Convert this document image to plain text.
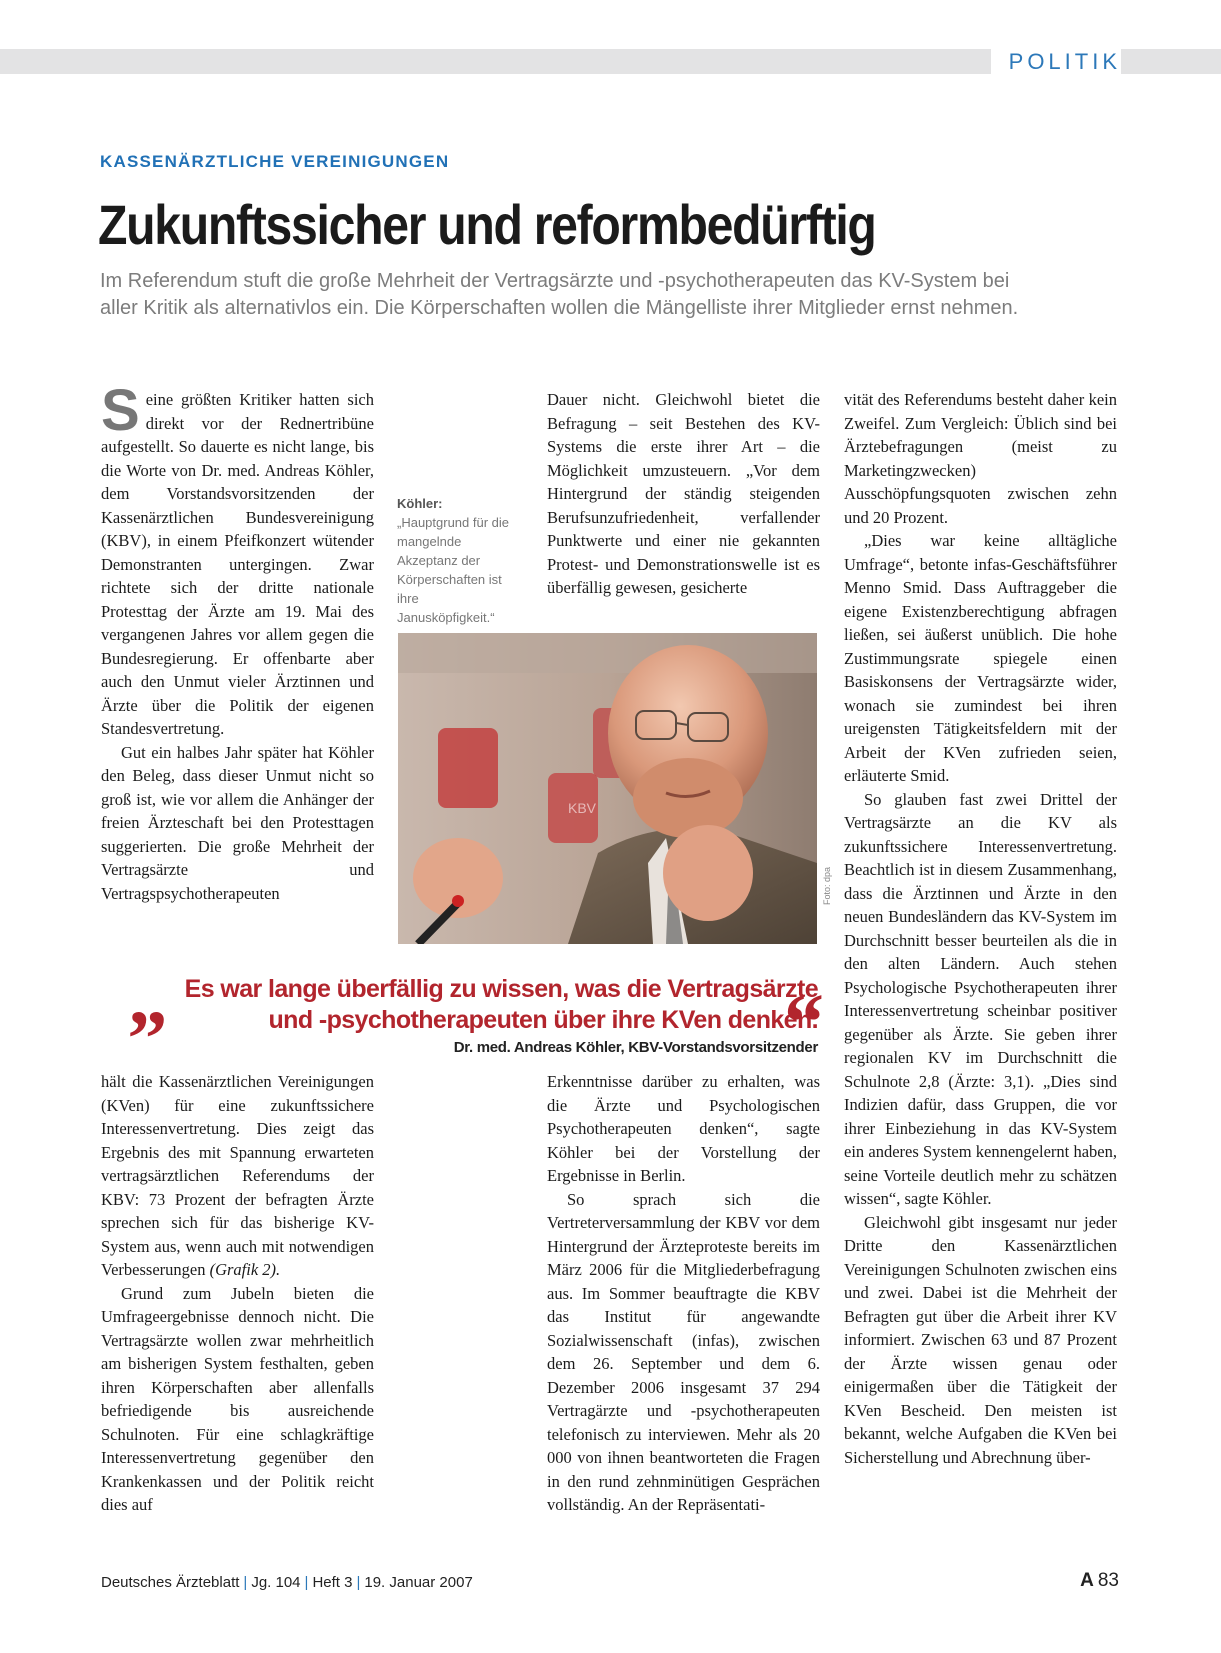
POLITIK
KASSENÄRZTLICHE VEREINIGUNGEN
Zukunftssicher und reformbedürftig
Im Referendum stuft die große Mehrheit der Vertragsärzte und -psychotherapeuten das KV-System bei aller Kritik als alternativlos ein. Die Körperschaften wollen die Mängelliste ihrer Mitglieder ernst nehmen.

Seine größten Kritiker hatten sich direkt vor der Rednertribüne aufgestellt. So dauerte es nicht lange, bis die Worte von Dr. med. Andreas Köhler, dem Vorstandsvorsitzenden der Kassenärztlichen Bundesvereinigung (KBV), in einem Pfeifkonzert wütender Demonstranten untergingen. Zwar richtete sich der dritte nationale Protesttag der Ärzte am 19. Mai des vergangenen Jahres vor allem gegen die Bundesregierung. Er offenbarte aber auch den Unmut vieler Ärztinnen und Ärzte über die Politik der eigenen Standesvertretung.

Gut ein halbes Jahr später hat Köhler den Beleg, dass dieser Unmut nicht so groß ist, wie vor allem die Anhänger der freien Ärzteschaft bei den Protesttagen suggerierten. Die große Mehrheit der Vertragsärzte und Vertragspsychotherapeuten

Köhler: „Hauptgrund für die mangelnde Akzeptanz der Körperschaften ist ihre Janusköpfigkeit.“

Dauer nicht. Gleichwohl bietet die Befragung – seit Bestehen des KV-Systems die erste ihrer Art – die Möglichkeit umzusteuern. „Vor dem Hintergrund der ständig steigenden Berufsunzufriedenheit, verfallender Punktwerte und einer nie gekannten Protest- und Demonstrationswelle ist es überfällig gewesen, gesicherte

KBV
Foto: dpa
„ Es war lange überfällig zu wissen, was die Vertragsärzte und -psychotherapeuten über ihre KVen denken.
“
Dr. med. Andreas Köhler, KBV-Vorstandsvorsitzender

hält die Kassenärztlichen Vereinigungen (KVen) für eine zukunftssichere Interessenvertretung. Dies zeigt das Ergebnis des mit Spannung erwarteten vertragsärztlichen Referendums der KBV: 73 Prozent der befragten Ärzte sprechen sich für das bisherige KV-System aus, wenn auch mit notwendigen Verbesserungen (Grafik 2).

Grund zum Jubeln bieten die Umfrageergebnisse dennoch nicht. Die Vertragsärzte wollen zwar mehrheitlich am bisherigen System festhalten, geben ihren Körperschaften aber allenfalls befriedigende bis ausreichende Schulnoten. Für eine schlagkräftige Interessenvertretung gegenüber den Krankenkassen und der Politik reicht dies auf

Erkenntnisse darüber zu erhalten, was die Ärzte und Psychologischen Psychotherapeuten denken“, sagte Köhler bei der Vorstellung der Ergebnisse in Berlin.

So sprach sich die Vertreterversammlung der KBV vor dem Hintergrund der Ärzteproteste bereits im März 2006 für die Mitgliederbefragung aus. Im Sommer beauftragte die KBV das Institut für angewandte Sozialwissenschaft (infas), zwischen dem 26. September und dem 6. Dezember 2006 insgesamt 37 294 Vertragärzte und -psychotherapeuten telefonisch zu interviewen. Mehr als 20 000 von ihnen beantworteten die Fragen in den rund zehnminütigen Gesprächen vollständig. An der Repräsentati-

vität des Referendums besteht daher kein Zweifel. Zum Vergleich: Üblich sind bei Ärztebefragungen (meist zu Marketingzwecken) Ausschöpfungsquoten zwischen zehn und 20 Prozent.

„Dies war keine alltägliche Umfrage“, betonte infas-Geschäftsführer Menno Smid. Dass Auftraggeber die eigene Existenzberechtigung abfragen ließen, sei äußerst unüblich. Die hohe Zustimmungsrate spiegele einen Basiskonsens der Vertragsärzte wider, wonach sie zumindest bei ihren ureigensten Tätigkeitsfeldern mit der Arbeit der KVen zufrieden seien, erläuterte Smid.

So glauben fast zwei Drittel der Vertragsärzte an die KV als zukunftssichere Interessenvertretung. Beachtlich ist in diesem Zusammenhang, dass die Ärztinnen und Ärzte in den neuen Bundesländern das KV-System im Durchschnitt besser beurteilen als die in den alten Ländern. Auch stehen Psychologische Psychotherapeuten ihrer Interessenvertretung scheinbar positiver gegenüber als Ärzte. Sie geben ihrer regionalen KV im Durchschnitt die Schulnote 2,8 (Ärzte: 3,1). „Dies sind Indizien dafür, dass Gruppen, die vor ihrer Einbeziehung in das KV-System ein anderes System kennengelernt haben, seine Vorteile deutlich mehr zu schätzen wissen“, sagte Köhler.

Gleichwohl gibt insgesamt nur jeder Dritte den Kassenärztlichen Vereinigungen Schulnoten zwischen eins und zwei. Dabei ist die Mehrheit der Befragten gut über die Arbeit ihrer KV informiert. Zwischen 63 und 87 Prozent der Ärzte wissen genau oder einigermaßen über die Tätigkeit der KVen Bescheid. Den meisten ist bekannt, welche Aufgaben die KVen bei Sicherstellung und Abrechnung über-

Deutsches Ärzteblatt | Jg. 104 | Heft 3 | 19. Januar 2007	A 83
